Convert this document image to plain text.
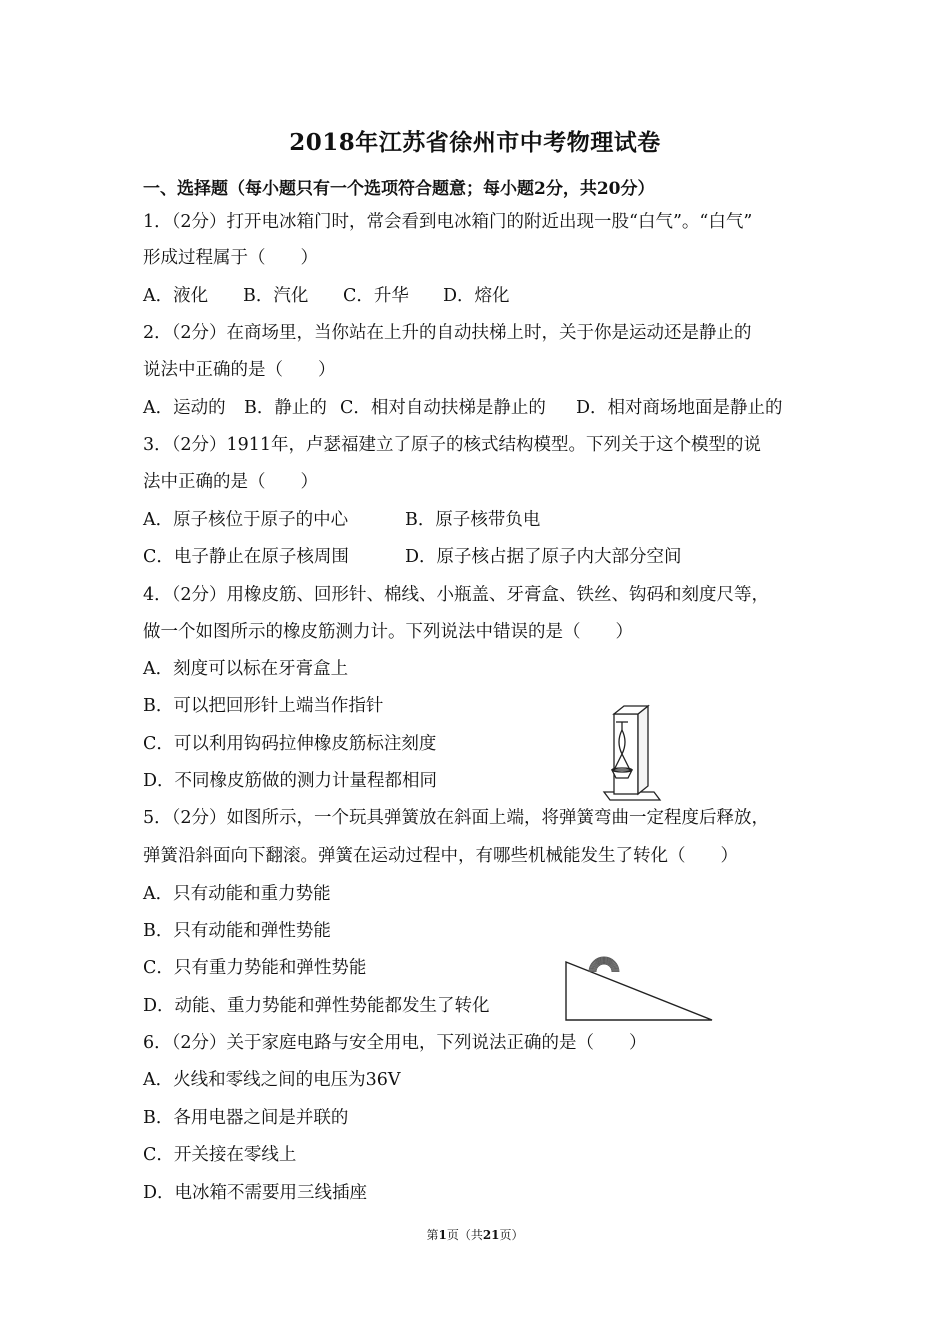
2018年江苏省徐州市中考物理试卷
一、选择题（每小题只有一个选项符合题意；每小题2分，共20分）
1．（2分）打开电冰箱门时，常会看到电冰箱门的附近出现一股“白气”。“白气”
形成过程属于（　　）
A．液化 B．汽化 C．升华 D．熔化
2．（2分）在商场里，当你站在上升的自动扶梯上时，关于你是运动还是静止的
说法中正确的是（　　）
A．运动的 B．静止的 C．相对自动扶梯是静止的 D．相对商场地面是静止的
3．（2分）1911年，卢瑟福建立了原子的核式结构模型。下列关于这个模型的说
法中正确的是（　　）
A．原子核位于原子的中心	B．原子核带负电
C．电子静止在原子核周围	D．原子核占据了原子内大部分空间
4．（2分）用橡皮筋、回形针、棉线、小瓶盖、牙膏盒、铁丝、钩码和刻度尺等，
做一个如图所示的橡皮筋测力计。下列说法中错误的是（　　）
A．刻度可以标在牙膏盒上
B．可以把回形针上端当作指针
C．可以利用钩码拉伸橡皮筋标注刻度
D．不同橡皮筋做的测力计量程都相同
5．（2分）如图所示，一个玩具弹簧放在斜面上端，将弹簧弯曲一定程度后释放，
弹簧沿斜面向下翻滚。弹簧在运动过程中，有哪些机械能发生了转化（　　）
A．只有动能和重力势能
B．只有动能和弹性势能
C．只有重力势能和弹性势能
D．动能、重力势能和弹性势能都发生了转化
6．（2分）关于家庭电路与安全用电，下列说法正确的是（　　）
A．火线和零线之间的电压为36V
B．各用电器之间是并联的
C．开关接在零线上
D．电冰箱不需要用三线插座
第1页（共21页）
